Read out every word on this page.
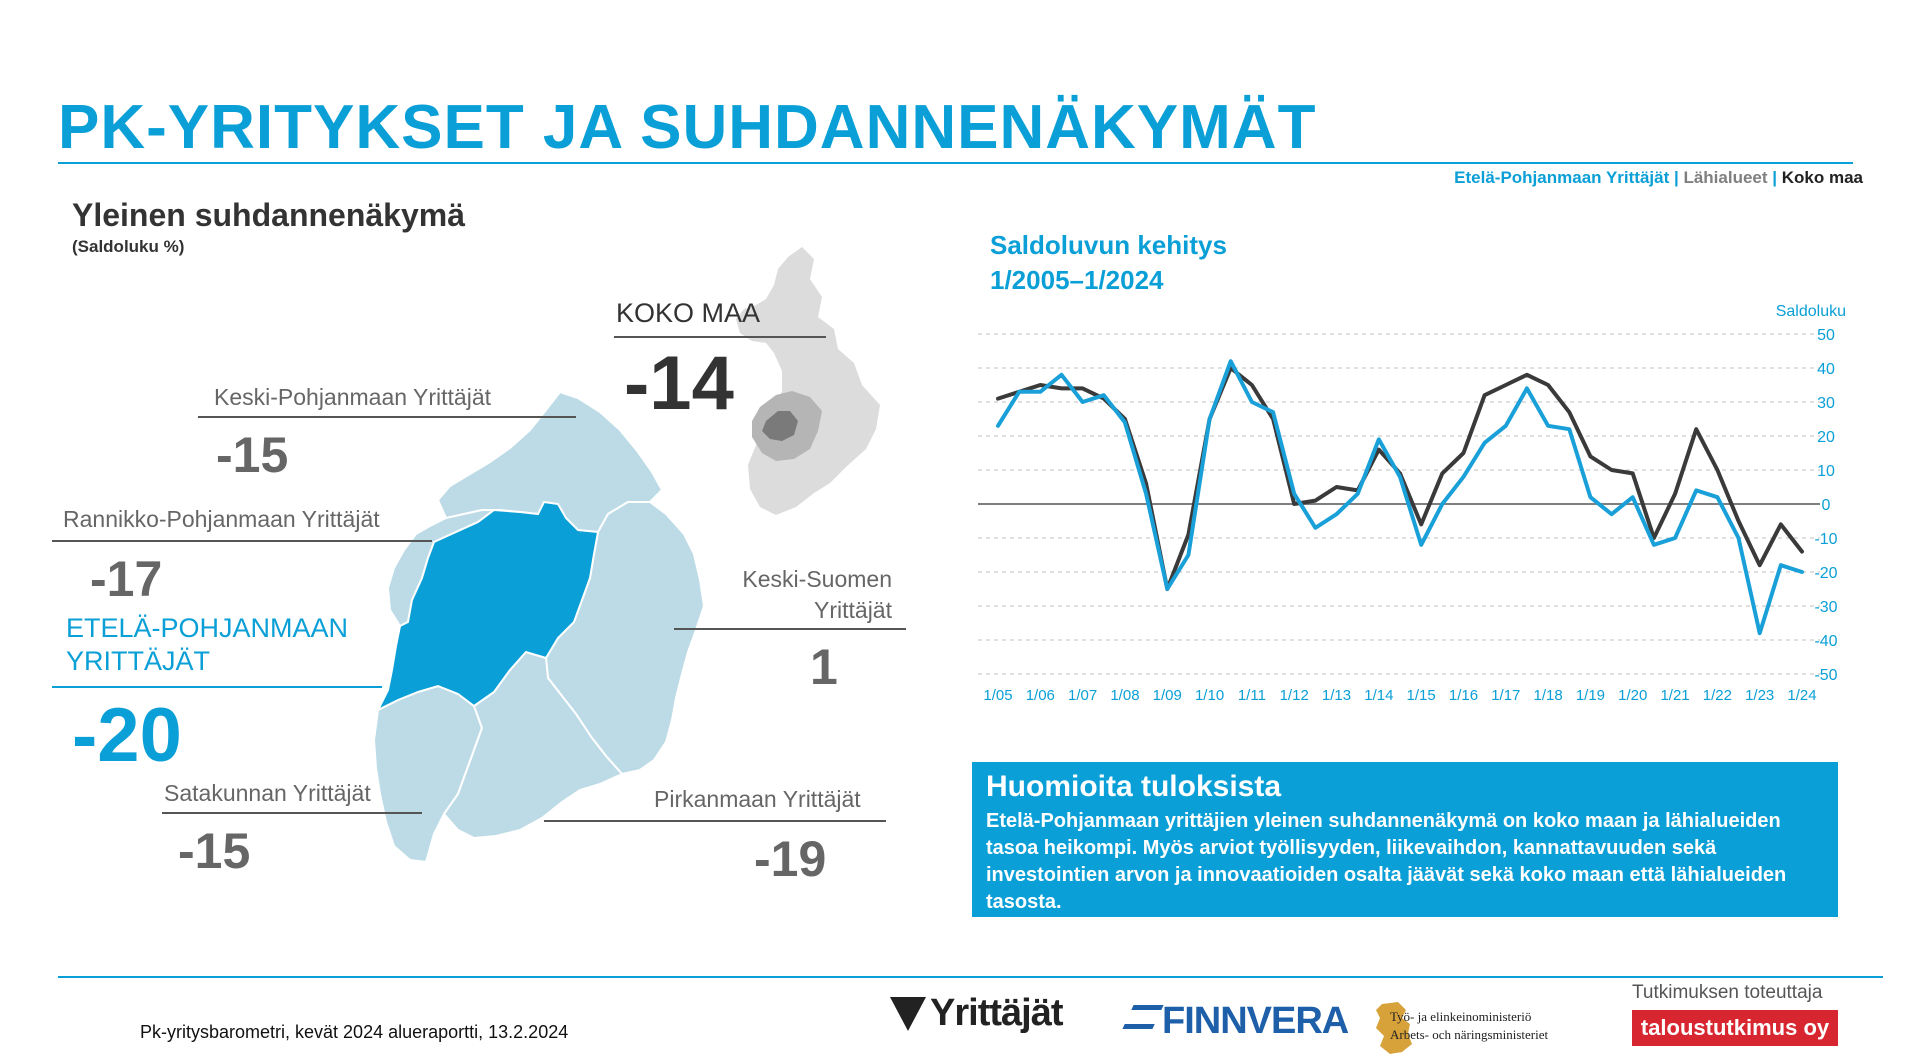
PK-YRITYKSET JA SUHDANNENÄKYMÄT
Etelä-Pohjanmaan Yrittäjät | Lähialueet | Koko maa
Yleinen suhdannenäkymä
(Saldoluku %)
KOKO MAA
-14
Keski-Pohjanmaan Yrittäjät
-15
Rannikko-Pohjanmaan Yrittäjät
-17
ETELÄ-POHJANMAAN
YRITTÄJÄT
-20
Keski-Suomen
Yrittäjät
1
Satakunnan Yrittäjät
-15
Pirkanmaan Yrittäjät
-19
Saldoluvun kehitys
1/2005–1/2024
Saldoluku
50
40
30
20
10
0
-10
-20
-30
-40
-50
1/05 1/06 1/07 1/08 1/09 1/10 1/11 1/12 1/13 1/14 1/15 1/16 1/17 1/18 1/19 1/20 1/21 1/22 1/23 1/24
Huomioita tuloksista
Etelä-Pohjanmaan yrittäjien yleinen suhdannenäkymä on koko maan ja lähialueiden tasoa heikompi. Myös arviot työllisyyden, liikevaihdon, kannattavuuden sekä investointien arvon ja innovaatioiden osalta jäävät sekä koko maan että lähialueiden tasosta.
Pk-yritysbarometri, kevät 2024 alueraportti, 13.2.2024	Yrittäjät	FINNVERA	Työ- ja elinkeinoministeriö
Arbets- och näringsministeriet
Tutkimuksen toteuttaja
taloustutkimus oy
